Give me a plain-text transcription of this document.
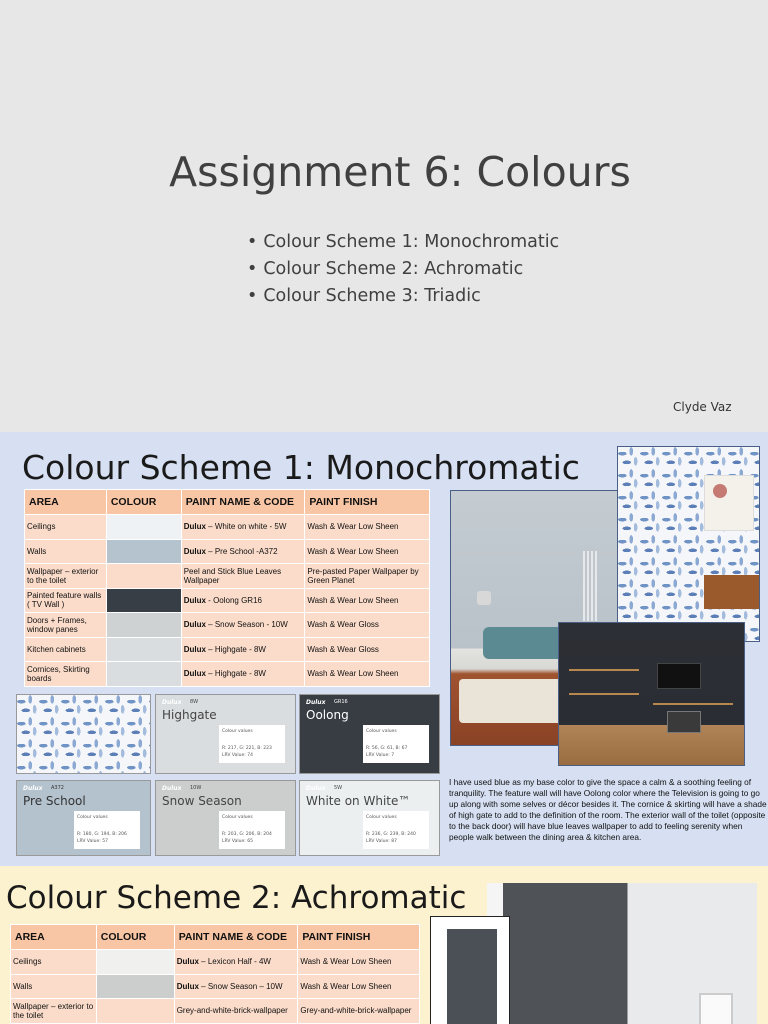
Assignment 6: Colours
• Colour Scheme 1: Monochromatic
• Colour Scheme 2: Achromatic
• Colour Scheme 3: Triadic
Clyde Vaz
Colour Scheme 1: Monochromatic
AREA	COLOUR	PAINT NAME & CODE	PAINT FINISH
Ceilings		Dulux – White on white - 5W	Wash & Wear Low Sheen
Walls		Dulux – Pre School -A372	Wash & Wear Low Sheen
Wallpaper – exterior to the toilet		Peel and Stick Blue Leaves Wallpaper	Pre-pasted Paper Wallpaper by Green Planet
Painted feature walls ( TV Wall )		Dulux - Oolong GR16	Wash & Wear Low Sheen
Doors + Frames, window panes		Dulux – Snow Season - 10W	Wash & Wear Gloss
Kitchen cabinets		Dulux – Highgate - 8W	Wash & Wear Gloss
Cornices, Skirting boards		Dulux – Highgate - 8W	Wash & Wear Low Sheen
Dulux 8W
Highgate
Colour values
R: 217, G: 221, B: 223
LRV Value: 74
Dulux GR16
Oolong
Colour values
R: 56, G: 61, B: 67
LRV Value: 7
Dulux A372
Pre School
Colour values
R: 180, G: 194, B: 206
LRV Value: 57
Dulux 10W
Snow Season
Colour values
R: 203, G: 206, B: 204
LRV Value: 65
Dulux 5W
White on White™
Colour values
R: 236, G: 239, B: 240
LRV Value: 87

I have used blue as my base color to give the space a calm & a soothing feeling of tranquility. The feature wall will have Oolong color where the Television is going to go up along with some selves or décor besides it. The cornice & skirting will have a shade of high gate to add to the definition of the room. The exterior wall of the toilet (opposite to the back door) will have blue leaves wallpaper to add to feeling serenity when people walk between the dining area & kitchen area.

Colour Scheme 2: Achromatic
AREA	COLOUR	PAINT NAME & CODE	PAINT FINISH
Ceilings		Dulux – Lexicon Half - 4W	Wash & Wear Low Sheen
Walls		Dulux – Snow Season – 10W	Wash & Wear Low Sheen
Wallpaper – exterior to the toilet		Grey-and-white-brick-wallpaper	Grey-and-white-brick-wallpaper
